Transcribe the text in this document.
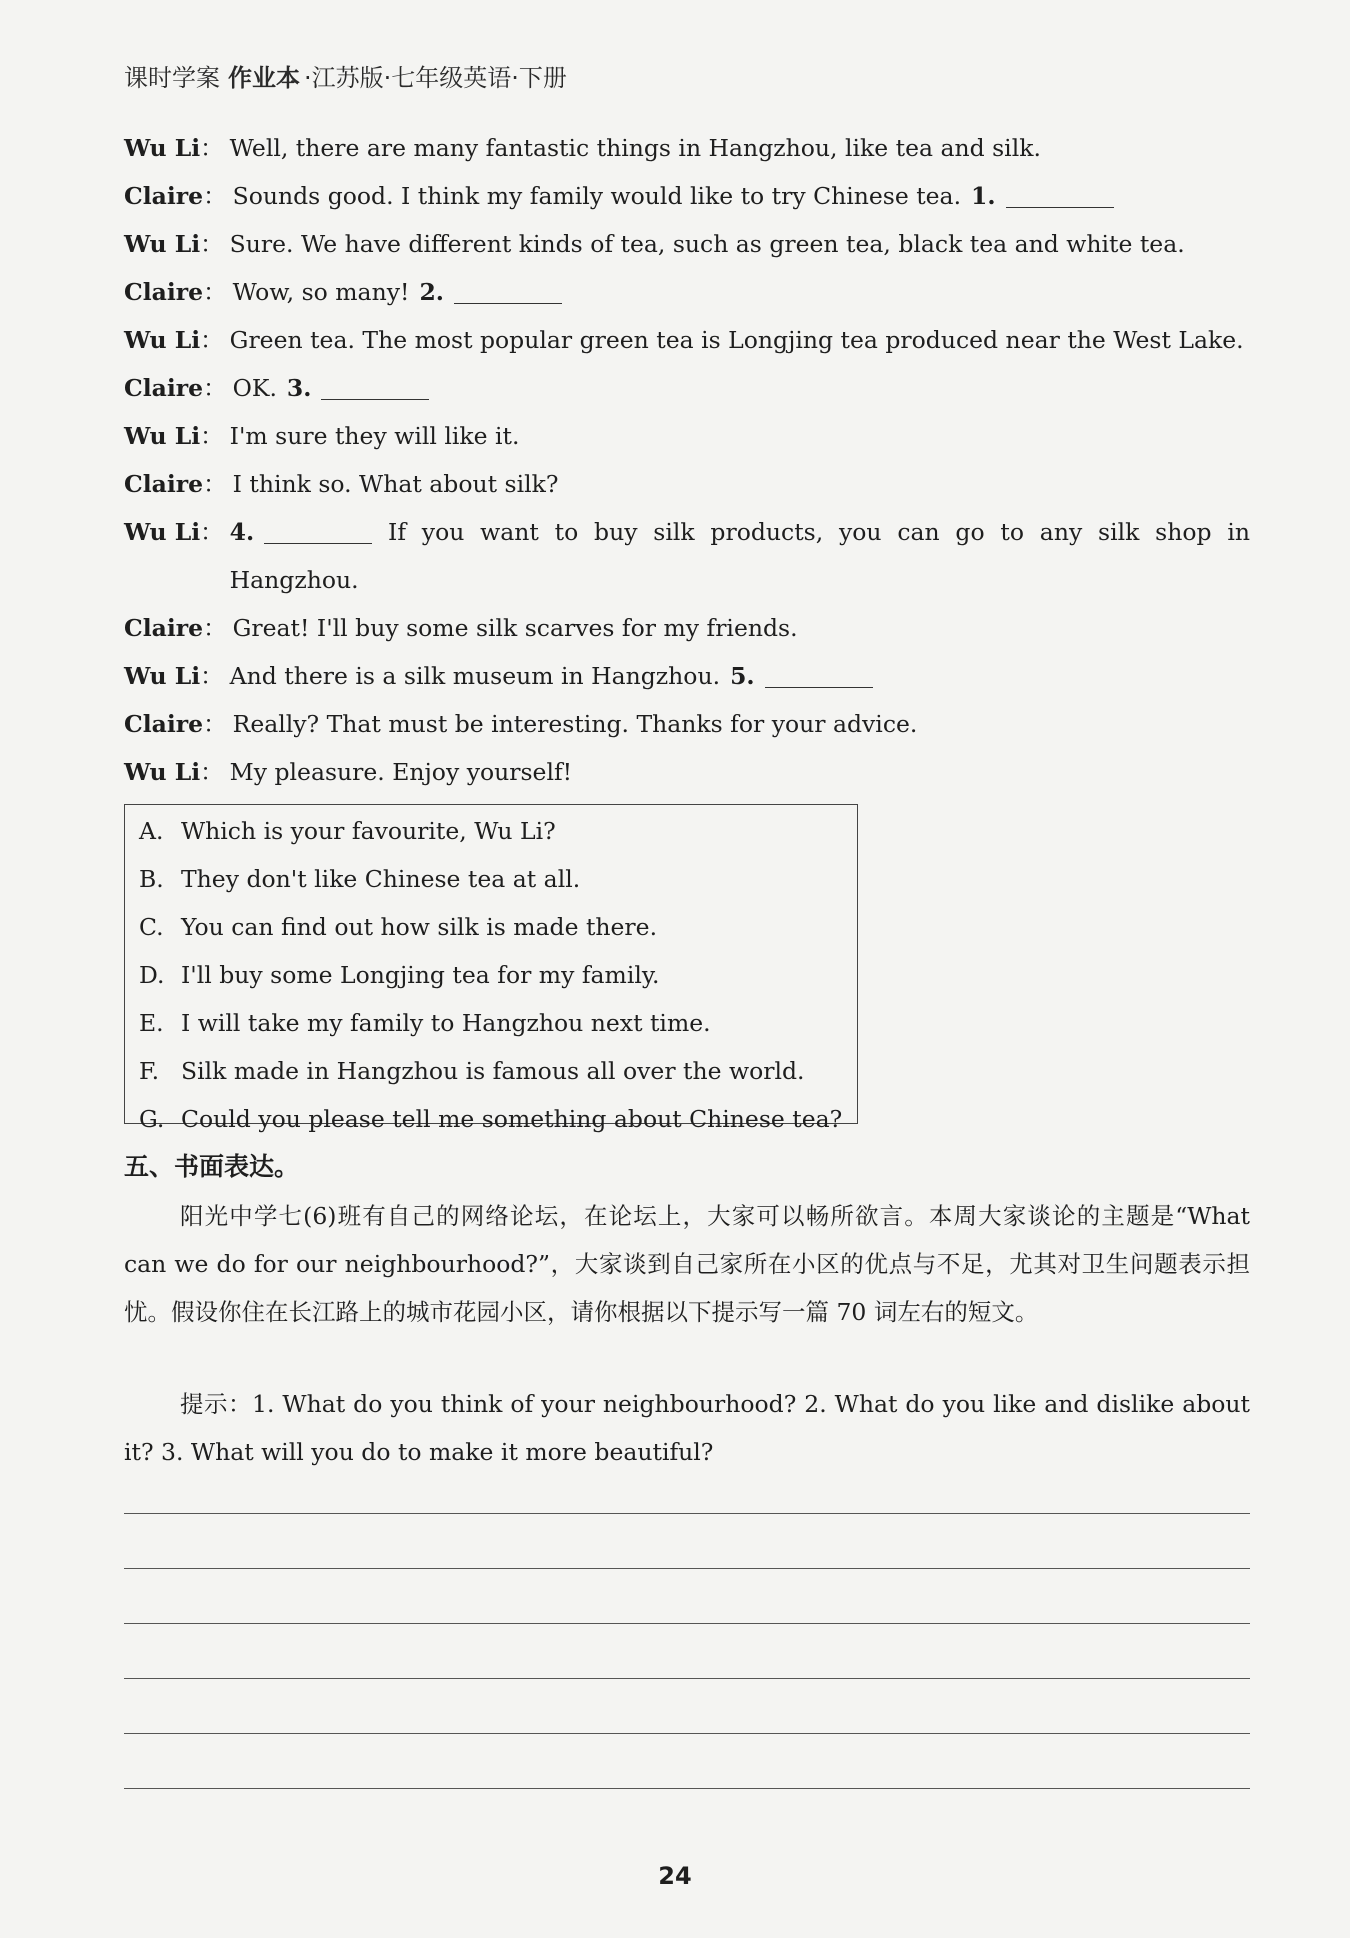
课时学案 作业本 ·江苏版·七年级英语·下册
Wu Li ： Well, there are many fantastic things in Hangzhou, like tea and silk.
Claire ： Sounds good. I think my family would like to try Chinese tea. 1.
Wu Li ： Sure. We have different kinds of tea, such as green tea, black tea and white tea.
Claire ： Wow, so many! 2.
Wu Li ： Green tea. The most popular green tea is Longjing tea produced near the West Lake.
Claire ： OK. 3.
Wu Li ： I'm sure they will like it.
Claire ： I think so. What about silk?
Wu Li ： 4.	If you want to buy silk products, you can go to any silk shop in Hangzhou.
Claire ： Great! I'll buy some silk scarves for my friends.
Wu Li ： And there is a silk museum in Hangzhou. 5.
Claire ： Really? That must be interesting. Thanks for your advice.
Wu Li ： My pleasure. Enjoy yourself!
A. Which is your favourite, Wu Li?
B. They don't like Chinese tea at all.
C. You can find out how silk is made there.
D. I'll buy some Longjing tea for my family.
E. I will take my family to Hangzhou next time.
F. Silk made in Hangzhou is famous all over the world.
G. Could you please tell me something about Chinese tea?
五、书面表达。
阳光中学七(6)班有自己的网络论坛，在论坛上，大家可以畅所欲言。本周大家谈论的主题是“What can we do for our neighbourhood?”，大家谈到自己家所在小区的优点与不足，尤其对卫生问题表示担忧。假设你住在长江路上的城市花园小区，请你根据以下提示写一篇 70 词左右的短文。
提示：1. What do you think of your neighbourhood? 2. What do you like and dislike about it? 3. What will you do to make it more beautiful?
24
